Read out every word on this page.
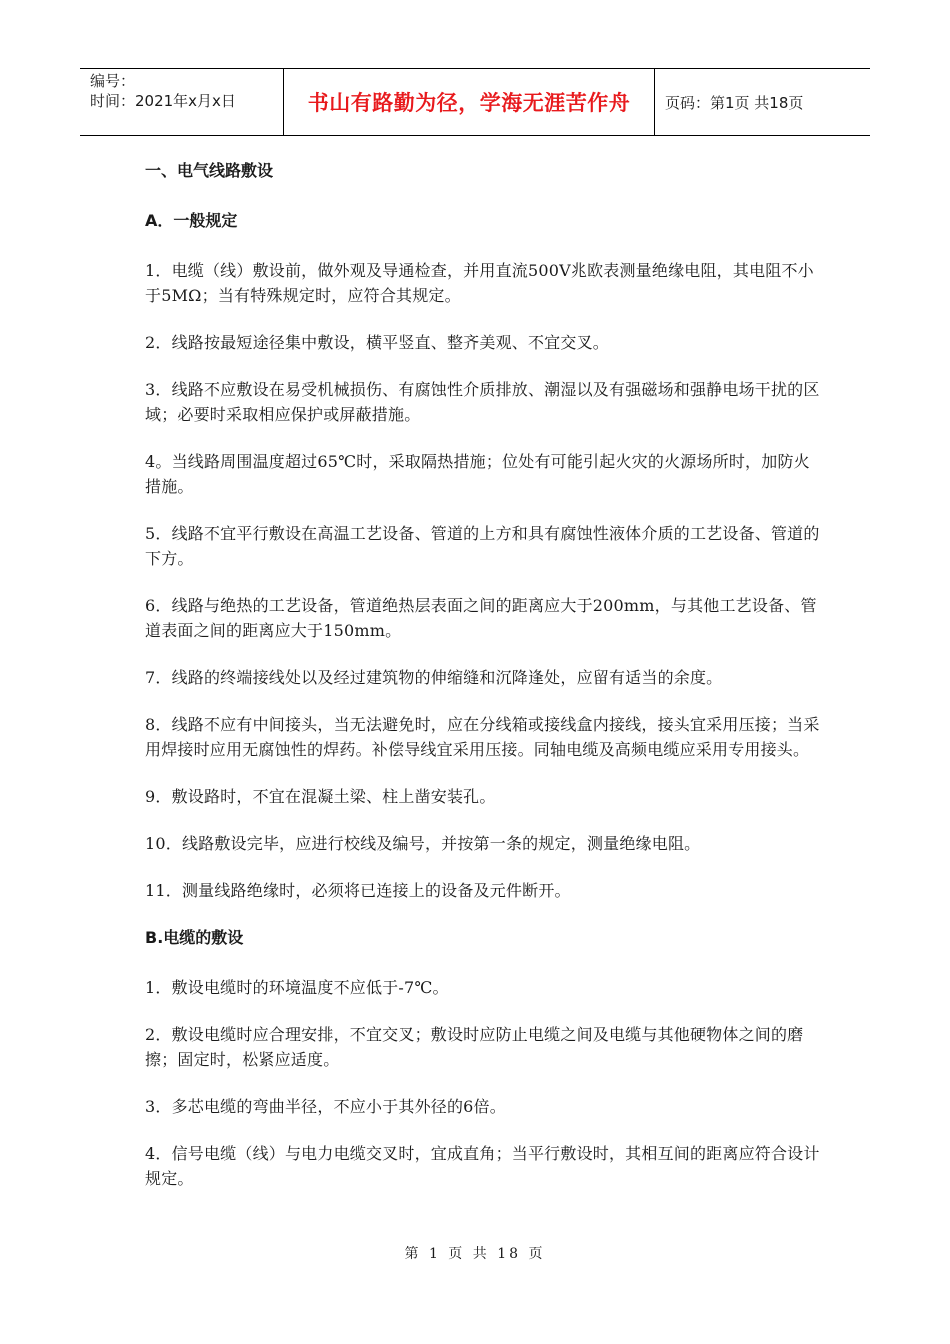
编号：
时间：2021年x月x日	书山有路勤为径，学海无涯苦作舟	页码：第1页 共18页
一、电气线路敷设
A．一般规定
1．电缆（线）敷设前，做外观及导通检查，并用直流500V兆欧表测量绝缘电阻，其电阻不小于5MΩ；当有特殊规定时，应符合其规定。
2．线路按最短途径集中敷设，横平竖直、整齐美观、不宜交叉。
3．线路不应敷设在易受机械损伤、有腐蚀性介质排放、潮湿以及有强磁场和强静电场干扰的区域；必要时采取相应保护或屏蔽措施。
4。当线路周围温度超过65℃时，采取隔热措施；位处有可能引起火灾的火源场所时，加防火措施。
5．线路不宜平行敷设在高温工艺设备、管道的上方和具有腐蚀性液体介质的工艺设备、管道的下方。
6．线路与绝热的工艺设备，管道绝热层表面之间的距离应大于200mm，与其他工艺设备、管道表面之间的距离应大于150mm。
7．线路的终端接线处以及经过建筑物的伸缩缝和沉降逢处，应留有适当的余度。
8．线路不应有中间接头，当无法避免时，应在分线箱或接线盒内接线，接头宜采用压接；当采用焊接时应用无腐蚀性的焊药。补偿导线宜采用压接。同轴电缆及高频电缆应采用专用接头。
9．敷设路时，不宜在混凝土梁、柱上凿安装孔。
10．线路敷设完毕，应进行校线及编号，并按第一条的规定，测量绝缘电阻。
11．测量线路绝缘时，必须将已连接上的设备及元件断开。
B.电缆的敷设
1．敷设电缆时的环境温度不应低于-7℃。
2．敷设电缆时应合理安排，不宜交叉；敷设时应防止电缆之间及电缆与其他硬物体之间的磨擦；固定时，松紧应适度。
3．多芯电缆的弯曲半径，不应小于其外径的6倍。
4．信号电缆（线）与电力电缆交叉时，宜成直角；当平行敷设时，其相互间的距离应符合设计规定。
第 1 页 共 18 页
